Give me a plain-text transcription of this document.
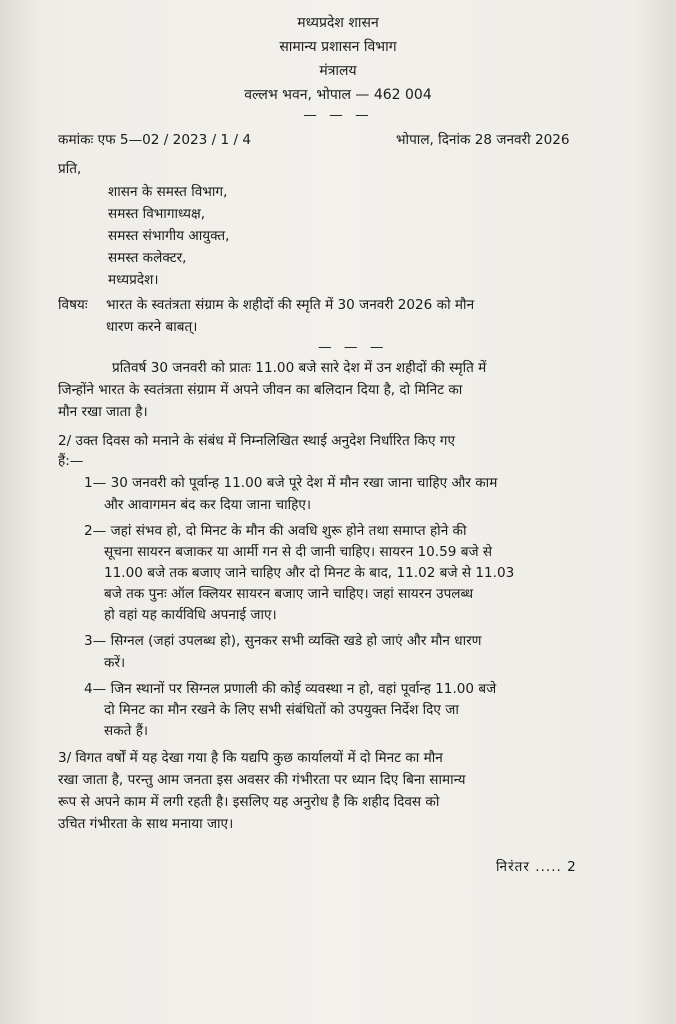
मध्यप्रदेश शासन
सामान्य प्रशासन विभाग
मंत्रालय
वल्लभ भवन, भोपाल — 462 004
— — —
कमांकः एफ 5—02 / 2023 / 1 / 4	भोपाल, दिनांक 28 जनवरी 2026
प्रति,
शासन के समस्त विभाग,
समस्त विभागाध्यक्ष,
समस्त संभागीय आयुक्त,
समस्त कलेक्टर,
मध्यप्रदेश।
विषयः भारत के स्वतंत्रता संग्राम के शहीदों की स्मृति में 30 जनवरी 2026 को मौन
धारण करने बाबत्।
— — —
प्रतिवर्ष 30 जनवरी को प्रातः 11.00 बजे सारे देश में उन शहीदों की स्मृति में
जिन्होंने भारत के स्वतंत्रता संग्राम में अपने जीवन का बलिदान दिया है, दो मिनिट का
मौन रखा जाता है।
2/ उक्त दिवस को मनाने के संबंध में निम्नलिखित स्थाई अनुदेश निर्धारित किए गए
हैं:—
1— 30 जनवरी को पूर्वान्ह 11.00 बजे पूरे देश में मौन रखा जाना चाहिए और काम
और आवागमन बंद कर दिया जाना चाहिए।
2— जहां संभव हो, दो मिनट के मौन की अवधि शुरू होने तथा समाप्त होने की
सूचना सायरन बजाकर या आर्मी गन से दी जानी चाहिए। सायरन 10.59 बजे से
11.00 बजे तक बजाए जाने चाहिए और दो मिनट के बाद, 11.02 बजे से 11.03
बजे तक पुनः ऑल क्लियर सायरन बजाए जाने चाहिए। जहां सायरन उपलब्ध
हो वहां यह कार्यविधि अपनाई जाए।
3— सिग्नल (जहां उपलब्ध हो), सुनकर सभी व्यक्ति खडे हो जाएं और मौन धारण
करें।
4— जिन स्थानों पर सिग्नल प्रणाली की कोई व्यवस्था न हो, वहां पूर्वान्ह 11.00 बजे
दो मिनट का मौन रखने के लिए सभी संबंधितों को उपयुक्त निर्देश दिए जा
सकते हैं।
3/ विगत वर्षों में यह देखा गया है कि यद्यपि कुछ कार्यालयों में दो मिनट का मौन
रखा जाता है, परन्तु आम जनता इस अवसर की गंभीरता पर ध्यान दिए बिना सामान्य
रूप से अपने काम में लगी रहती है। इसलिए यह अनुरोध है कि शहीद दिवस को
उचित गंभीरता के साथ मनाया जाए।
निरंतर ..... 2
